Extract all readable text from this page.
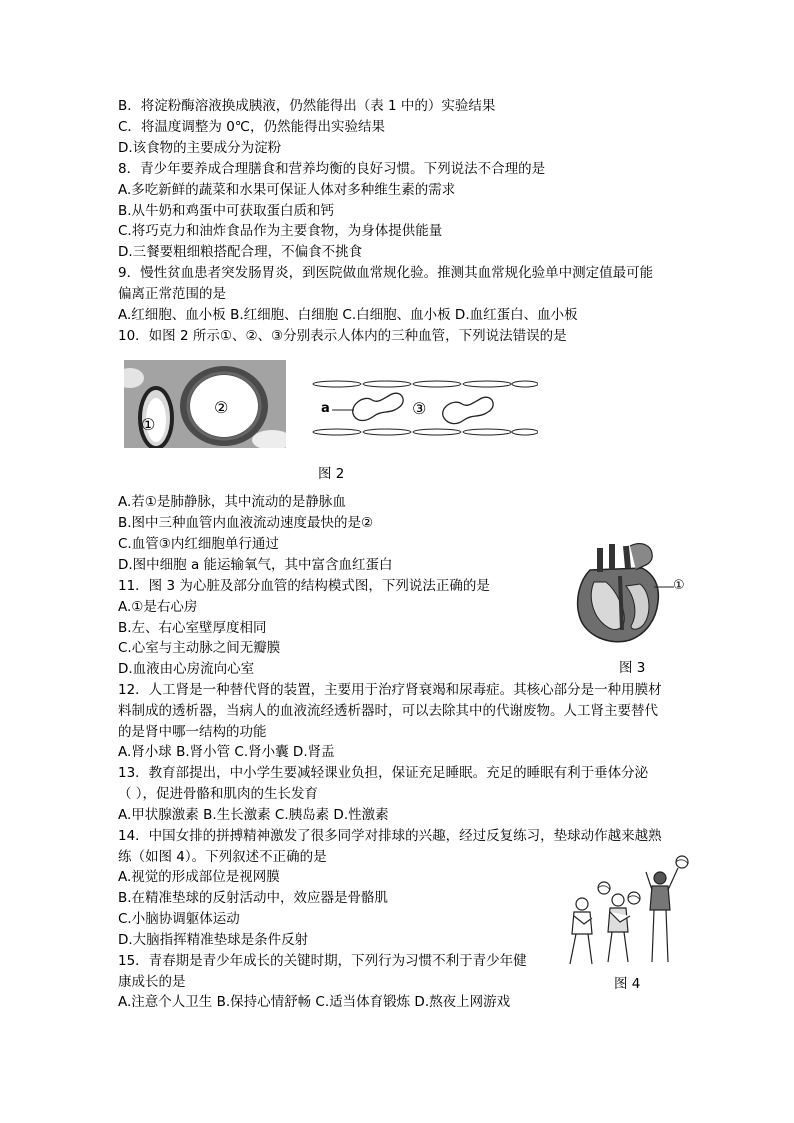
B．将淀粉酶溶液换成胰液，仍然能得出（表 1 中的）实验结果
C．将温度调整为 0℃，仍然能得出实验结果
D.该食物的主要成分为淀粉
8．青少年要养成合理膳食和营养均衡的良好习惯。下列说法不合理的是
A.多吃新鲜的蔬菜和水果可保证人体对多种维生素的需求
B.从牛奶和鸡蛋中可获取蛋白质和钙
C.将巧克力和油炸食品作为主要食物，为身体提供能量
D.三餐要粗细粮搭配合理，不偏食不挑食
9．慢性贫血患者突发肠胃炎，到医院做血常规化验。推测其血常规化验单中测定值最可能
偏离正常范围的是
A.红细胞、血小板 B.红细胞、白细胞 C.白细胞、血小板 D.血红蛋白、血小板
10．如图 2 所示①、②、③分别表示人体内的三种血管，下列说法错误的是
①
②	a	③
图 2
A.若①是肺静脉，其中流动的是静脉血
B.图中三种血管内血液流动速度最快的是②
C.血管③内红细胞单行通过
D.图中细胞 a 能运输氧气，其中富含血红蛋白
11．图 3 为心脏及部分血管的结构模式图，下列说法正确的是
A.①是右心房
B.左、右心室壁厚度相同
C.心室与主动脉之间无瓣膜
D.血液由心房流向心室
①
图 3
12．人工肾是一种替代肾的装置，主要用于治疗肾衰竭和尿毒症。其核心部分是一种用膜材
料制成的透析器，当病人的血液流经透析器时，可以去除其中的代谢废物。人工肾主要替代
的是肾中哪一结构的功能
A.肾小球 B.肾小管 C.肾小囊 D.肾盂
13．教育部提出，中小学生要减轻课业负担，保证充足睡眠。充足的睡眠有利于垂体分泌
（ ），促进骨骼和肌肉的生长发育
A.甲状腺激素 B.生长激素 C.胰岛素 D.性激素
14．中国女排的拼搏精神激发了很多同学对排球的兴趣，经过反复练习，垫球动作越来越熟
练（如图 4）。下列叙述不正确的是
A.视觉的形成部位是视网膜
B.在精准垫球的反射活动中，效应器是骨骼肌
C.小脑协调躯体运动
D.大脑指挥精准垫球是条件反射
15．青春期是青少年成长的关键时期，下列行为习惯不利于青少年健
康成长的是
A.注意个人卫生 B.保持心情舒畅 C.适当体育锻炼 D.熬夜上网游戏
图 4
